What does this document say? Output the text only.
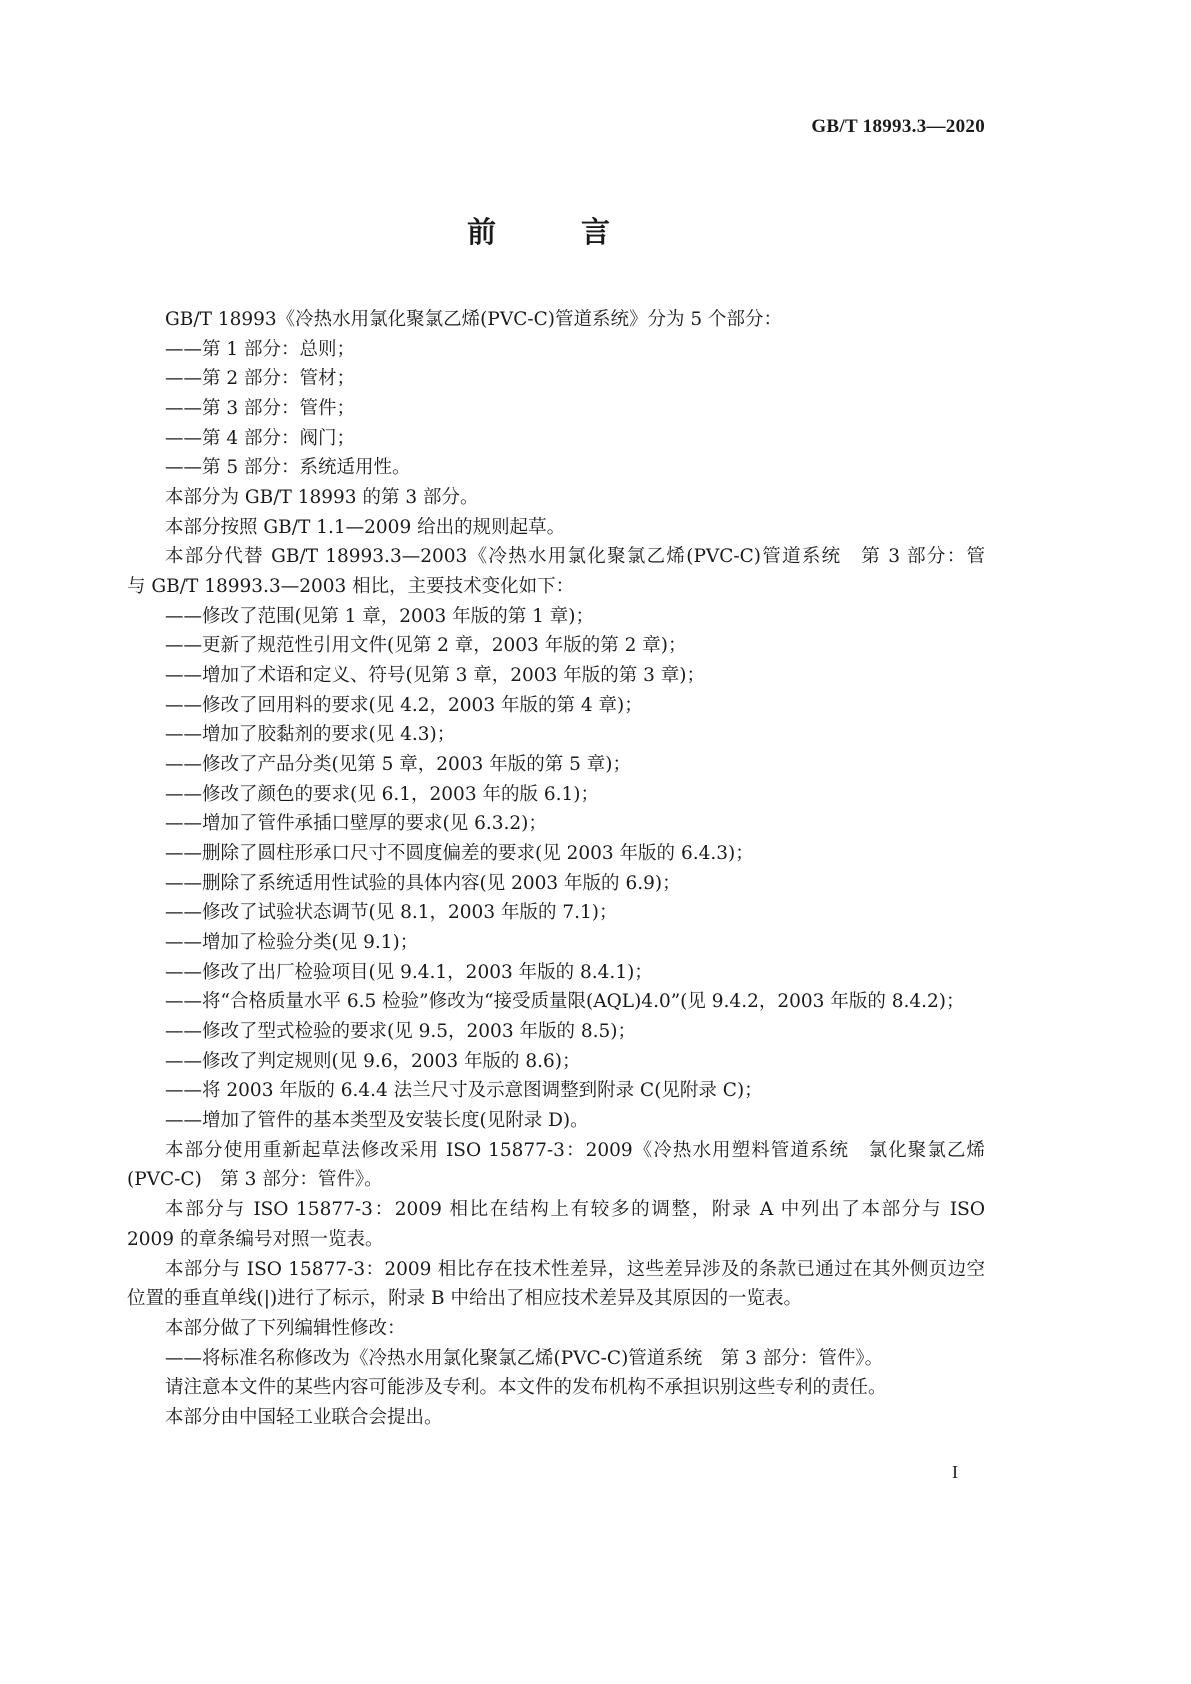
GB/T 18993.3—2020
前　言
GB/T 18993《冷热水用氯化聚氯乙烯(PVC-C)管道系统》分为 5 个部分：
——第 1 部分：总则；
——第 2 部分：管材；
——第 3 部分：管件；
——第 4 部分：阀门；
——第 5 部分：系统适用性。
本部分为 GB/T 18993 的第 3 部分。
本部分按照 GB/T 1.1—2009 给出的规则起草。
本部分代替 GB/T 18993.3—2003《冷热水用氯化聚氯乙烯(PVC-C)管道系统　第 3 部分：管
与 GB/T 18993.3—2003 相比，主要技术变化如下：
——修改了范围(见第 1 章，2003 年版的第 1 章)；
——更新了规范性引用文件(见第 2 章，2003 年版的第 2 章)；
——增加了术语和定义、符号(见第 3 章，2003 年版的第 3 章)；
——修改了回用料的要求(见 4.2，2003 年版的第 4 章)；
——增加了胶黏剂的要求(见 4.3)；
——修改了产品分类(见第 5 章，2003 年版的第 5 章)；
——修改了颜色的要求(见 6.1，2003 年的版 6.1)；
——增加了管件承插口壁厚的要求(见 6.3.2)；
——删除了圆柱形承口尺寸不圆度偏差的要求(见 2003 年版的 6.4.3)；
——删除了系统适用性试验的具体内容(见 2003 年版的 6.9)；
——修改了试验状态调节(见 8.1，2003 年版的 7.1)；
——增加了检验分类(见 9.1)；
——修改了出厂检验项目(见 9.4.1，2003 年版的 8.4.1)；
——将“合格质量水平 6.5 检验”修改为“接受质量限(AQL)4.0”(见 9.4.2，2003 年版的 8.4.2)；
——修改了型式检验的要求(见 9.5，2003 年版的 8.5)；
——修改了判定规则(见 9.6，2003 年版的 8.6)；
——将 2003 年版的 6.4.4 法兰尺寸及示意图调整到附录 C(见附录 C)；
——增加了管件的基本类型及安装长度(见附录 D)。
本部分使用重新起草法修改采用 ISO 15877-3：2009《冷热水用塑料管道系统　氯化聚氯乙烯
(PVC-C)　第 3 部分：管件》。
本部分与 ISO 15877-3：2009 相比在结构上有较多的调整，附录 A 中列出了本部分与 ISO
2009 的章条编号对照一览表。
本部分与 ISO 15877-3：2009 相比存在技术性差异，这些差异涉及的条款已通过在其外侧页边空
位置的垂直单线(|)进行了标示，附录 B 中给出了相应技术差异及其原因的一览表。
本部分做了下列编辑性修改：
——将标准名称修改为《冷热水用氯化聚氯乙烯(PVC-C)管道系统　第 3 部分：管件》。
请注意本文件的某些内容可能涉及专利。本文件的发布机构不承担识别这些专利的责任。
本部分由中国轻工业联合会提出。
I
